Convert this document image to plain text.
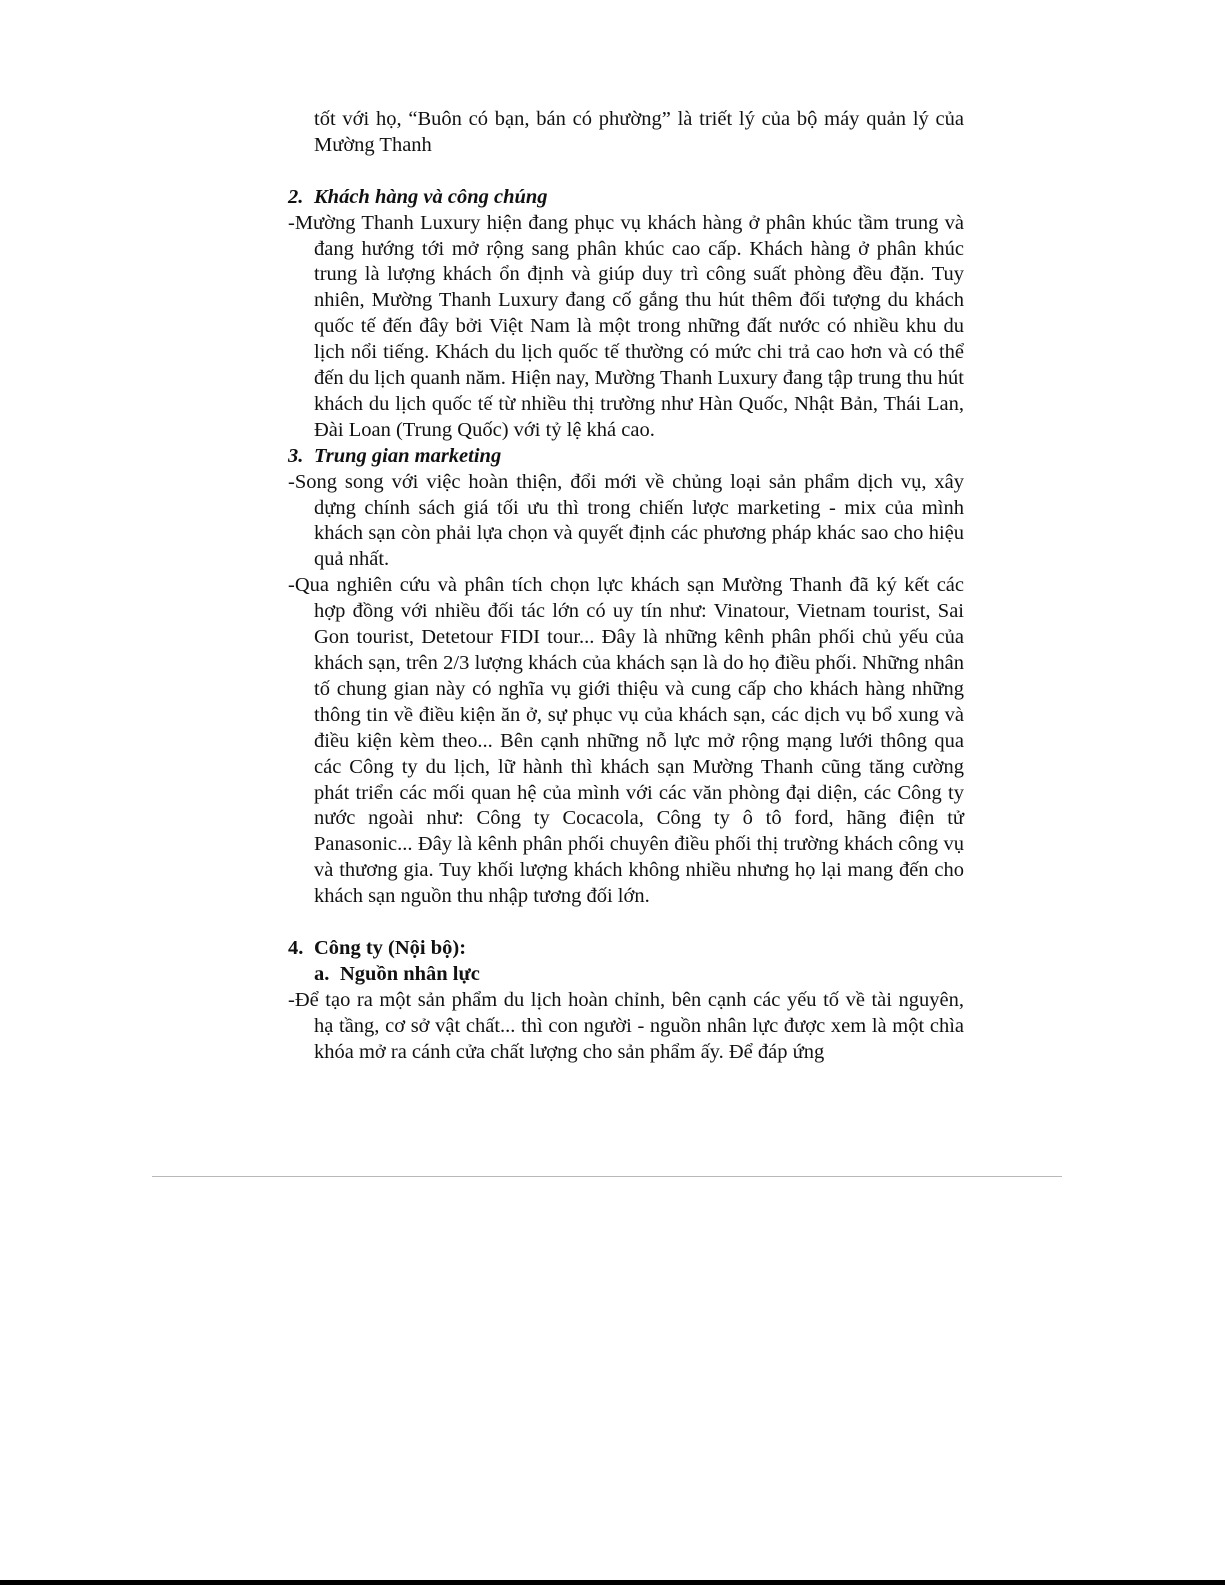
tốt với họ, “Buôn có bạn, bán có phường” là triết lý của bộ máy quản lý của Mường Thanh

2. Khách hàng và công chúng

-Mường Thanh Luxury hiện đang phục vụ khách hàng ở phân khúc tầm trung và đang hướng tới mở rộng sang phân khúc cao cấp. Khách hàng ở phân khúc trung là lượng khách ổn định và giúp duy trì công suất phòng đều đặn. Tuy nhiên, Mường Thanh Luxury đang cố gắng thu hút thêm đối tượng du khách quốc tế đến đây bởi Việt Nam là một trong những đất nước có nhiều khu du lịch nổi tiếng. Khách du lịch quốc tế thường có mức chi trả cao hơn và có thể đến du lịch quanh năm. Hiện nay, Mường Thanh Luxury đang tập trung thu hút khách du lịch quốc tế từ nhiều thị trường như Hàn Quốc, Nhật Bản, Thái Lan, Đài Loan (Trung Quốc) với tỷ lệ khá cao.

3. Trung gian marketing

-Song song với việc hoàn thiện, đổi mới về chủng loại sản phẩm dịch vụ, xây dựng chính sách giá tối ưu thì trong chiến lược marketing - mix của mình khách sạn còn phải lựa chọn và quyết định các phương pháp khác sao cho hiệu quả nhất.

-Qua nghiên cứu và phân tích chọn lực khách sạn Mường Thanh đã ký kết các hợp đồng với nhiều đối tác lớn có uy tín như: Vinatour, Vietnam tourist, Sai Gon tourist, Detetour FIDI tour... Đây là những kênh phân phối chủ yếu của khách sạn, trên 2/3 lượng khách của khách sạn là do họ điều phối. Những nhân tố chung gian này có nghĩa vụ giới thiệu và cung cấp cho khách hàng những thông tin về điều kiện ăn ở, sự phục vụ của khách sạn, các dịch vụ bổ xung và điều kiện kèm theo... Bên cạnh những nỗ lực mở rộng mạng lưới thông qua các Công ty du lịch, lữ hành thì khách sạn Mường Thanh cũng tăng cường phát triển các mối quan hệ của mình với các văn phòng đại diện, các Công ty nước ngoài như: Công ty Cocacola, Công ty ô tô ford, hãng điện tử Panasonic... Đây là kênh phân phối chuyên điều phối thị trường khách công vụ và thương gia. Tuy khối lượng khách không nhiều nhưng họ lại mang đến cho khách sạn nguồn thu nhập tương đối lớn.

4. Công ty (Nội bộ):

a. Nguồn nhân lực

-Để tạo ra một sản phẩm du lịch hoàn chỉnh, bên cạnh các yếu tố về tài nguyên, hạ tầng, cơ sở vật chất... thì con người - nguồn nhân lực được xem là một chìa khóa mở ra cánh cửa chất lượng cho sản phẩm ấy. Để đáp ứng
